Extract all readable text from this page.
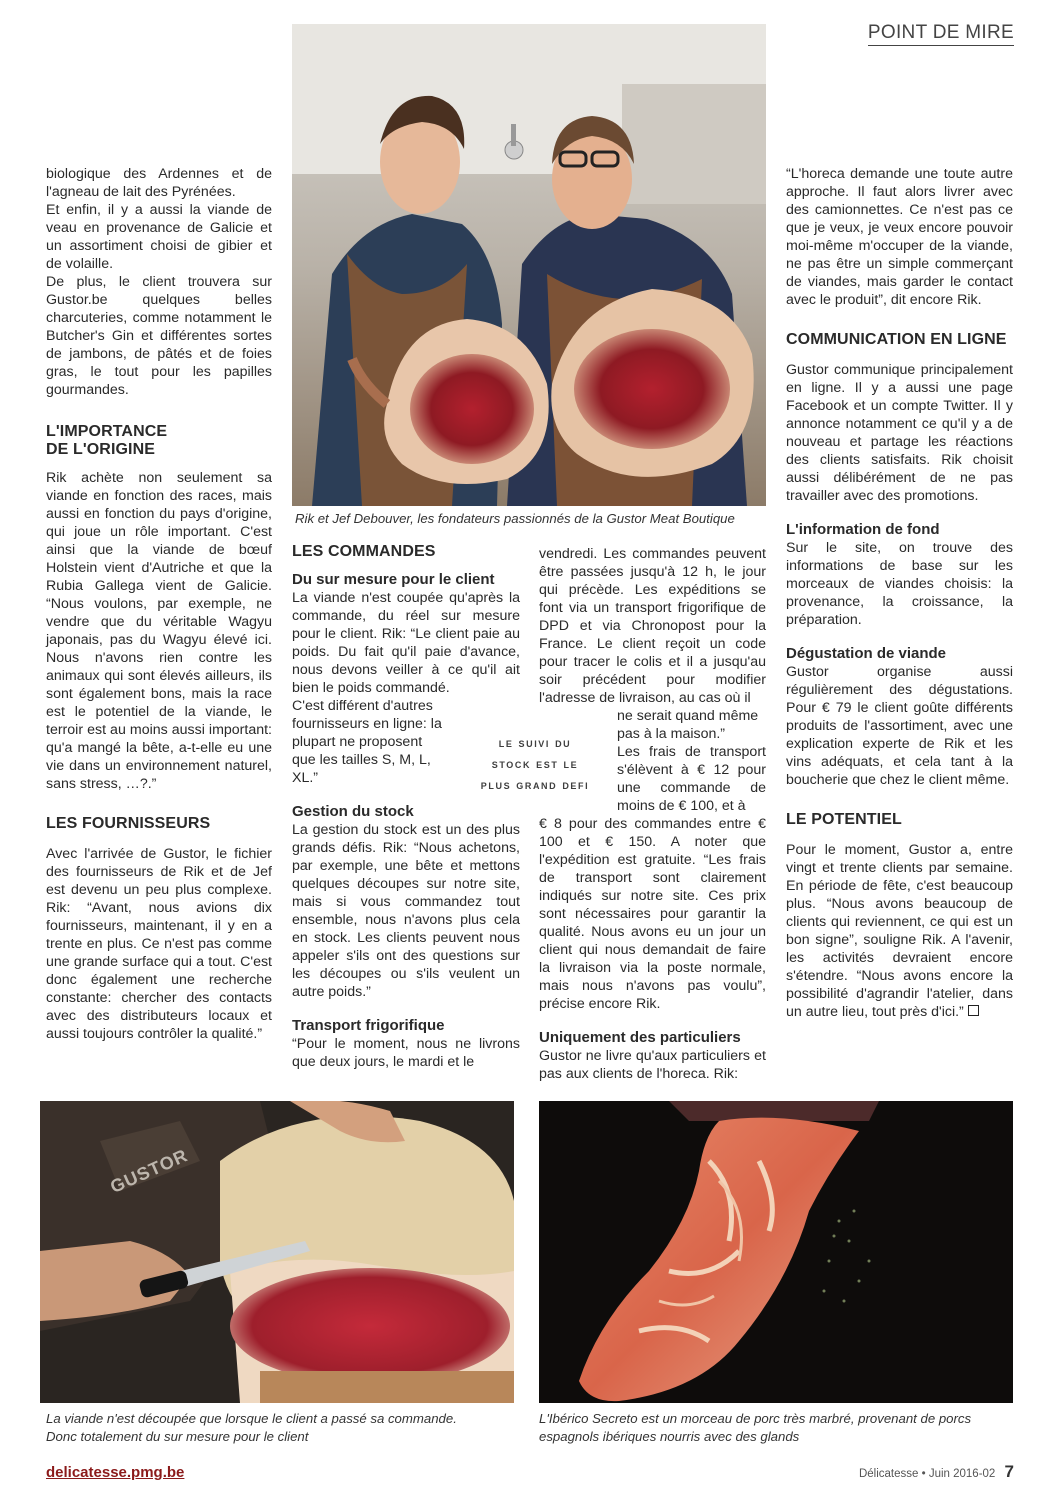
POINT DE MIRE
Rik et Jef Debouver, les fondateurs passionnés de la Gustor Meat Boutique

biologique des Ardennes et de l'agneau de lait des Pyrénées.

Et enfin, il y a aussi la viande de veau en provenance de Galicie et un assortiment choisi de gibier et de volaille.

De plus, le client trouvera sur Gustor.be quelques belles charcuteries, comme notamment le Butcher's Gin et différentes sortes de jambons, de pâtés et de foies gras, le tout pour les papilles gourmandes.

L'IMPORTANCE
DE L'ORIGINE

Rik achète non seulement sa viande en fonction des races, mais aussi en fonction du pays d'origine, qui joue un rôle important. C'est ainsi que la viande de bœuf Holstein vient d'Autriche et que la Rubia Gallega vient de Galicie. “Nous voulons, par exemple, ne vendre que du véritable Wagyu japonais, pas du Wagyu élevé ici. Nous n'avons rien contre les animaux qui sont élevés ailleurs, ils sont également bons, mais la race est le potentiel de la viande, le terroir est au moins aussi important: qu'a mangé la bête, a-t-elle eu une vie dans un environnement naturel, sans stress, …?.”

LES FOURNISSEURS

Avec l'arrivée de Gustor, le fichier des fournisseurs de Rik et de Jef est devenu un peu plus complexe. Rik: “Avant, nous avions dix fournisseurs, maintenant, il y en a trente en plus. Ce n'est pas comme une grande surface qui a tout. C'est donc également une recherche constante: chercher des contacts avec des distributeurs locaux et aussi toujours contrôler la qualité.”

LES COMMANDES
Du sur mesure pour le client

La viande n'est coupée qu'après la commande, du réel sur mesure pour le client. Rik: “Le client paie au poids. Du fait qu'il paie d'avance, nous devons veiller à ce qu'il ait bien le poids commandé.

C'est différent d'autres fournisseurs en ligne: la plupart ne proposent que les tailles S, M, L, XL.”

Gestion du stock

La gestion du stock est un des plus grands défis. Rik: “Nous achetons, par exemple, une bête et mettons quelques découpes sur notre site, mais si vous commandez tout ensemble, nous n'avons plus cela en stock. Les clients peuvent nous appeler s'ils ont des questions sur les découpes ou s'ils veulent un autre poids.”

Transport frigorifique

“Pour le moment, nous ne livrons que deux jours, le mardi et le

le suivi du
stock est le
plus grand defi

vendredi. Les commandes peuvent être passées jusqu'à 12 h, le jour qui précède. Les expéditions se font via un transport frigorifique de DPD et via Chronopost pour la France. Le client reçoit un code pour tracer le colis et il a jusqu'au soir précédent pour modifier l'adresse de livraison, au cas où il

ne serait quand même pas à la maison.”

Les frais de transport s'élèvent à € 12 pour une commande de moins de € 100, et à

€ 8 pour des commandes entre € 100 et € 150. A noter que l'expédition est gratuite. “Les frais de transport sont clairement indiqués sur notre site. Ces prix sont nécessaires pour garantir la qualité. Nous avons eu un jour un client qui nous demandait de faire la livraison via la poste normale, mais nous n'avons pas voulu”, précise encore Rik.

Uniquement des particuliers

Gustor ne livre qu'aux particuliers et pas aux clients de l'horeca. Rik:

“L'horeca demande une toute autre approche. Il faut alors livrer avec des camionnettes. Ce n'est pas ce que je veux, je veux encore pouvoir moi-même m'occuper de la viande, ne pas être un simple commerçant de viandes, mais garder le contact avec le produit”, dit encore Rik.

COMMUNICATION EN LIGNE

Gustor communique principalement en ligne. Il y a aussi une page Facebook et un compte Twitter. Il y annonce notamment ce qu'il y a de nouveau et partage les réactions des clients satisfaits. Rik choisit aussi délibérément de ne pas travailler avec des promotions.

L'information de fond

Sur le site, on trouve des informations de base sur les morceaux de viandes choisis: la provenance, la croissance, la préparation.

Dégustation de viande

Gustor organise aussi régulièrement des dégustations. Pour € 79 le client goûte différents produits de l'assortiment, avec une explication experte de Rik et les vins adéquats, et cela tant à la boucherie que chez le client même.

LE POTENTIEL

Pour le moment, Gustor a, entre vingt et trente clients par semaine. En période de fête, c'est beaucoup plus. “Nous avons beaucoup de clients qui reviennent, ce qui est un bon signe”, souligne Rik. A l'avenir, les activités devraient encore s'étendre. “Nous avons encore la possibilité d'agrandir l'atelier, dans un autre lieu, tout près d'ici.”

GUSTOR
La viande n'est découpée que lorsque le client a passé sa commande.
Donc totalement du sur mesure pour le client
L'Ibérico Secreto est un morceau de porc très marbré, provenant de porcs
espagnols ibériques nourris avec des glands
delicatesse.pmg.be	Délicatesse • Juin 2016-02 7
